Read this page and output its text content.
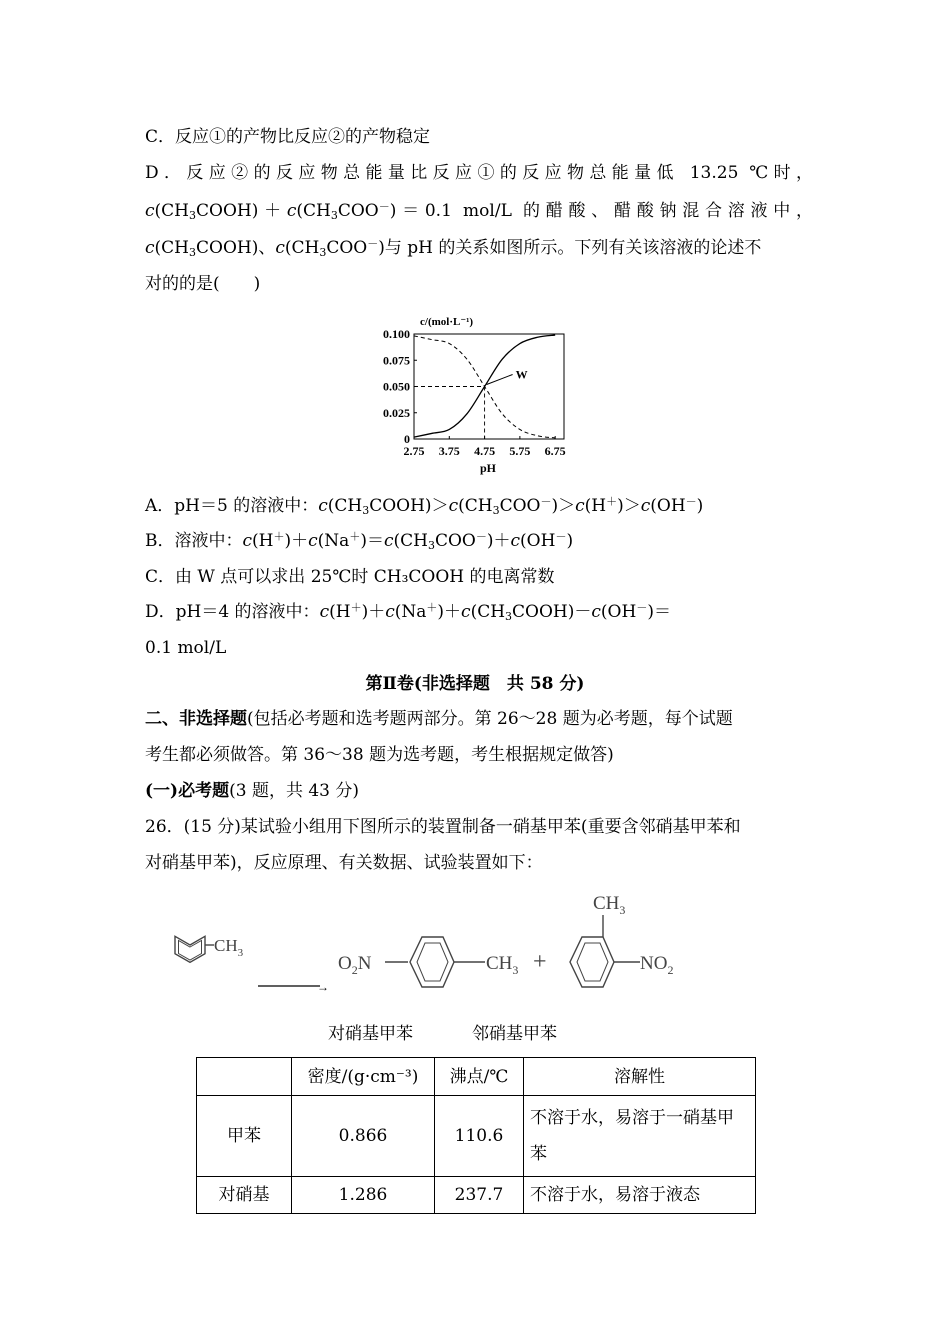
C．反应①的产物比反应②的产物稳定
D．反应②的反应物总能量比反应①的反应物总能量低 13.25 ℃时，
$c(CH_3COOH)+c(CH_3COO^-)=0.1$ mol/L 的醋酸、醋酸钠混合溶液中，
$c(CH_3COOH)$、$c(CH_3COO^-)$与 pH 的关系如图所示。下列有关该溶液的论述不
对的的是(　　)
c/(mol·L⁻¹)
0.100
0.075
0.050
0.025
0
2.75 3.75 4.75 5.75 6.75
W
pH
A．pH＝5 的溶液中：$c(CH_3COOH)>c(CH_3COO^-)>c(H^+)>c(OH^-)$
B．溶液中：$c(H^+)+c(Na^+)=c(CH_3COO^-)+c(OH^-)$
C．由 W 点可以求出 25℃时 CH₃COOH 的电离常数
D．pH＝4 的溶液中：$c(H^+)+c(Na^+)+c(CH_3COOH)-c(OH^-)=$
0.1 mol/L
第Ⅱ卷(非选择题　共 58 分)
二、非选择题(包括必考题和选考题两部分。第 26～28 题为必考题，每个试题
考生都必须做答。第 36～38 题为选考题，考生根据规定做答)
(一)必考题(3 题，共 43 分)
26．(15 分)某试验小组用下图所示的装置制备一硝基甲苯(重要含邻硝基甲苯和
对硝基甲苯)，反应原理、有关数据、试验装置如下：
$CH_3$
→
$O_2N$	$CH_3$ +
$CH_3$
$NO_2$
对硝基甲苯	邻硝基甲苯
	密度/(g·cm⁻³)	沸点/℃	溶解性
甲苯	0.866	110.6	不溶于水，易溶于一硝基甲苯
对硝基	1.286	237.7	不溶于水，易溶于液态
